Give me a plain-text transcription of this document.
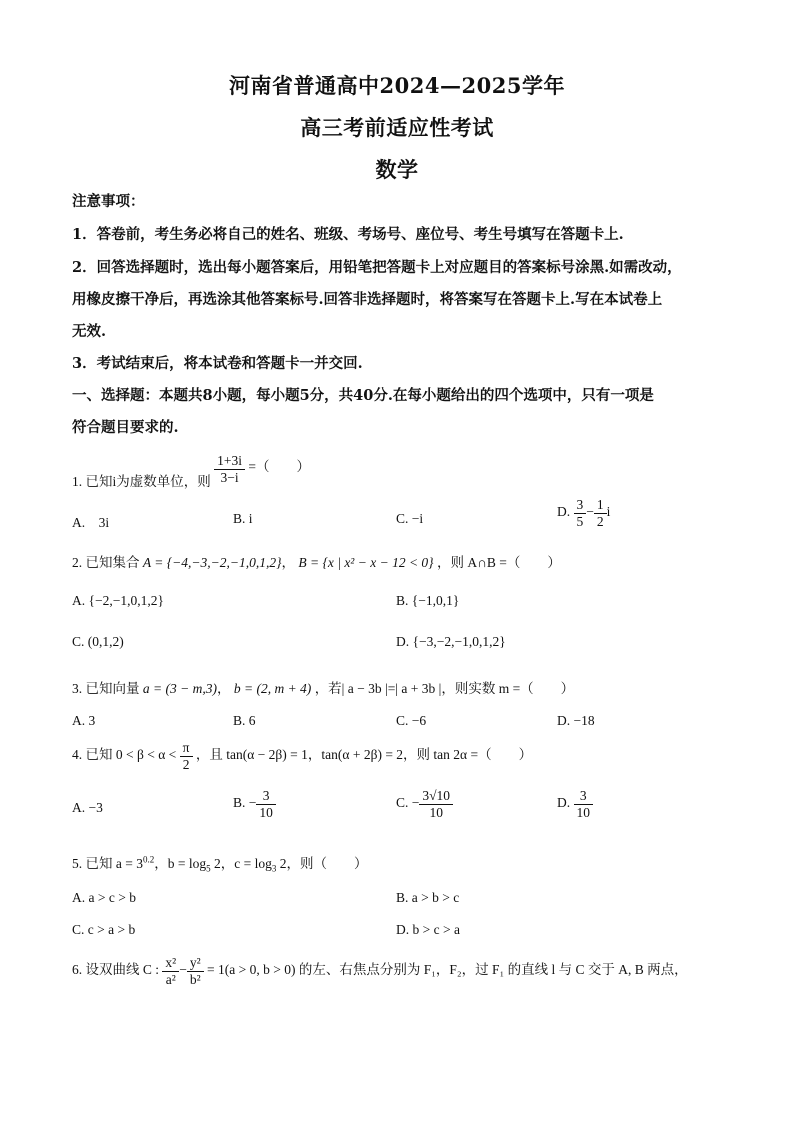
河南省普通高中2024—2025学年
高三考前适应性考试
数学
注意事项：
1．答卷前，考生务必将自己的姓名、班级、考场号、座位号、考生号填写在答题卡上.
2．回答选择题时，选出每小题答案后，用铅笔把答题卡上对应题目的答案标号涂黑.如需改动，
用橡皮擦干净后，再选涂其他答案标号.回答非选择题时，将答案写在答题卡上.写在本试卷上
无效.
3．考试结束后，将本试卷和答题卡一并交回.
一、选择题：本题共8小题，每小题5分，共40分.在每小题给出的四个选项中，只有一项是
符合题目要求的.
1. 已知i为虚数单位，则 $\frac{1+3i}{3-i}$ =（　　）
A.　3i	B. i	C. −i	D. $\frac{3}{5} - \frac{1}{2}$ i
2. 已知集合 A = {−4,−3,−2,−1,0,1,2}， B = {x | x² − x − 12 < 0} ，则 A∩B =（　　）
A. {−2,−1,0,1,2}	B. {−1,0,1}
C. (0,1,2)	D. {−3,−2,−1,0,1,2}
3. 已知向量 a = (3 − m,3)， b = (2, m + 4) ，若| a − 3b |=| a + 3b |，则实数 m =（　　）
A. 3	B. 6	C. −6	D. −18
4. 已知 $0 < \beta < \alpha < \frac{\pi}{2}$ ，且 tan(α − 2β) = 1，tan(α + 2β) = 2，则 tan 2α =（　　）
A. −3	B. − $\frac{3}{10}$	C. − $\frac{3√10}{10}$	D. $\frac{3}{10}$
5. 已知 $a = 3^{0.2}$，$b = \log_5 2$，$c = \log_3 2$，则（　　）
A. a > c > b	B. a > b > c
C. c > a > b	D. b > c > a
6. 设双曲线 C : $\frac{\text{x²}}{\text{a²}} - \frac{\text{y²}}{\text{b²}} = 1(a > 0$, b > 0) 的左、右焦点分别为 F₁，F₂，过 F₁ 的直线 l 与 C 交于 A, B 两点，
